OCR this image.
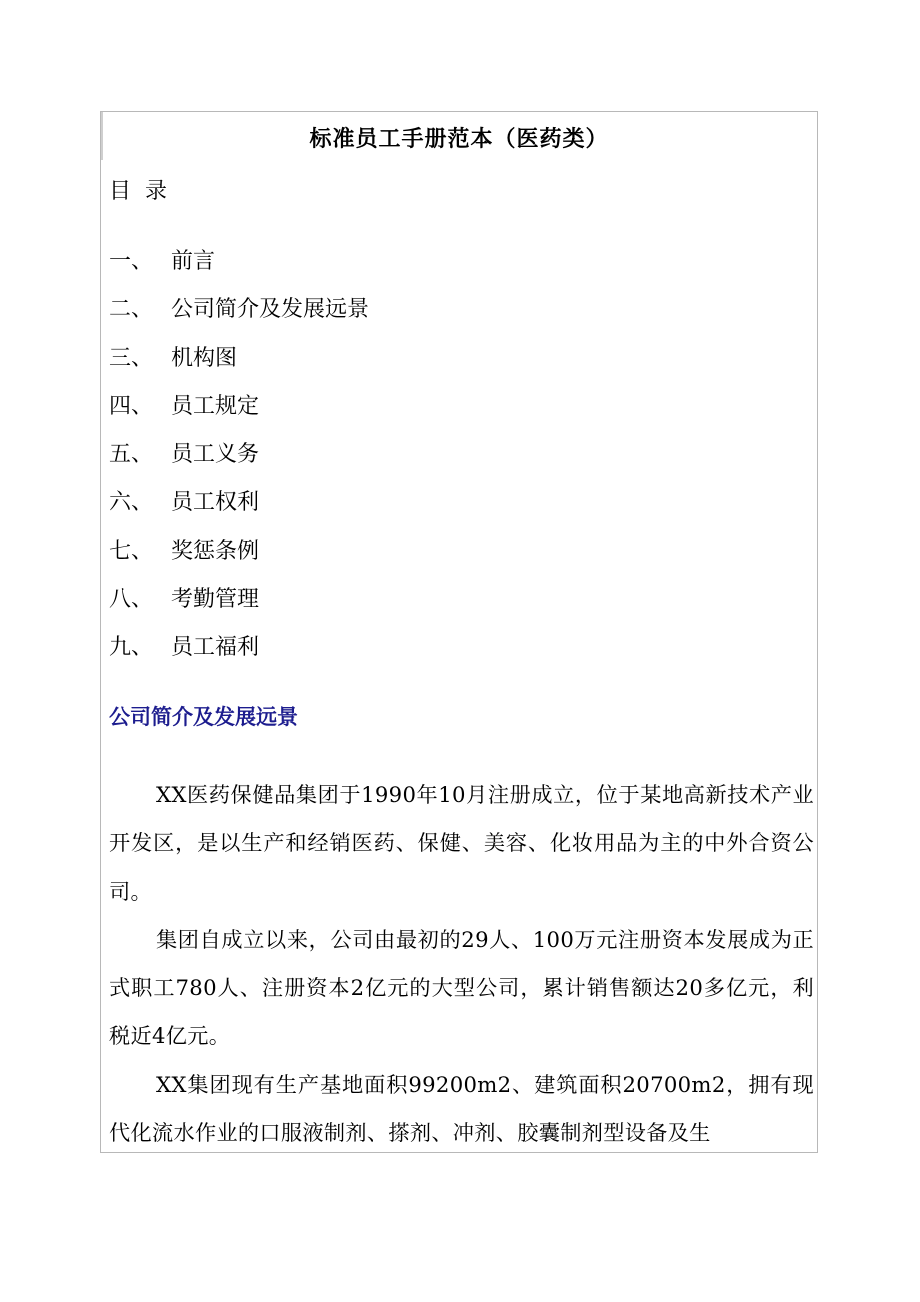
标准员工手册范本（医药类）
目 录
一、 前言
二、 公司简介及发展远景
三、 机构图
四、 员工规定
五、 员工义务
六、 员工权利
七、 奖惩条例
八、 考勤管理
九、 员工福利
公司简介及发展远景

XX医药保健品集团于1990年10月注册成立，位于某地高新技术产业开发区，是以生产和经销医药、保健、美容、化妆用品为主的中外合资公司。

集团自成立以来，公司由最初的29人、100万元注册资本发展成为正式职工780人、注册资本2亿元的大型公司，累计销售额达20多亿元，利税近4亿元。

XX集团现有生产基地面积99200m2、建筑面积20700m2，拥有现代化流水作业的口服液制剂、搽剂、冲剂、胶囊制剂型设备及生
